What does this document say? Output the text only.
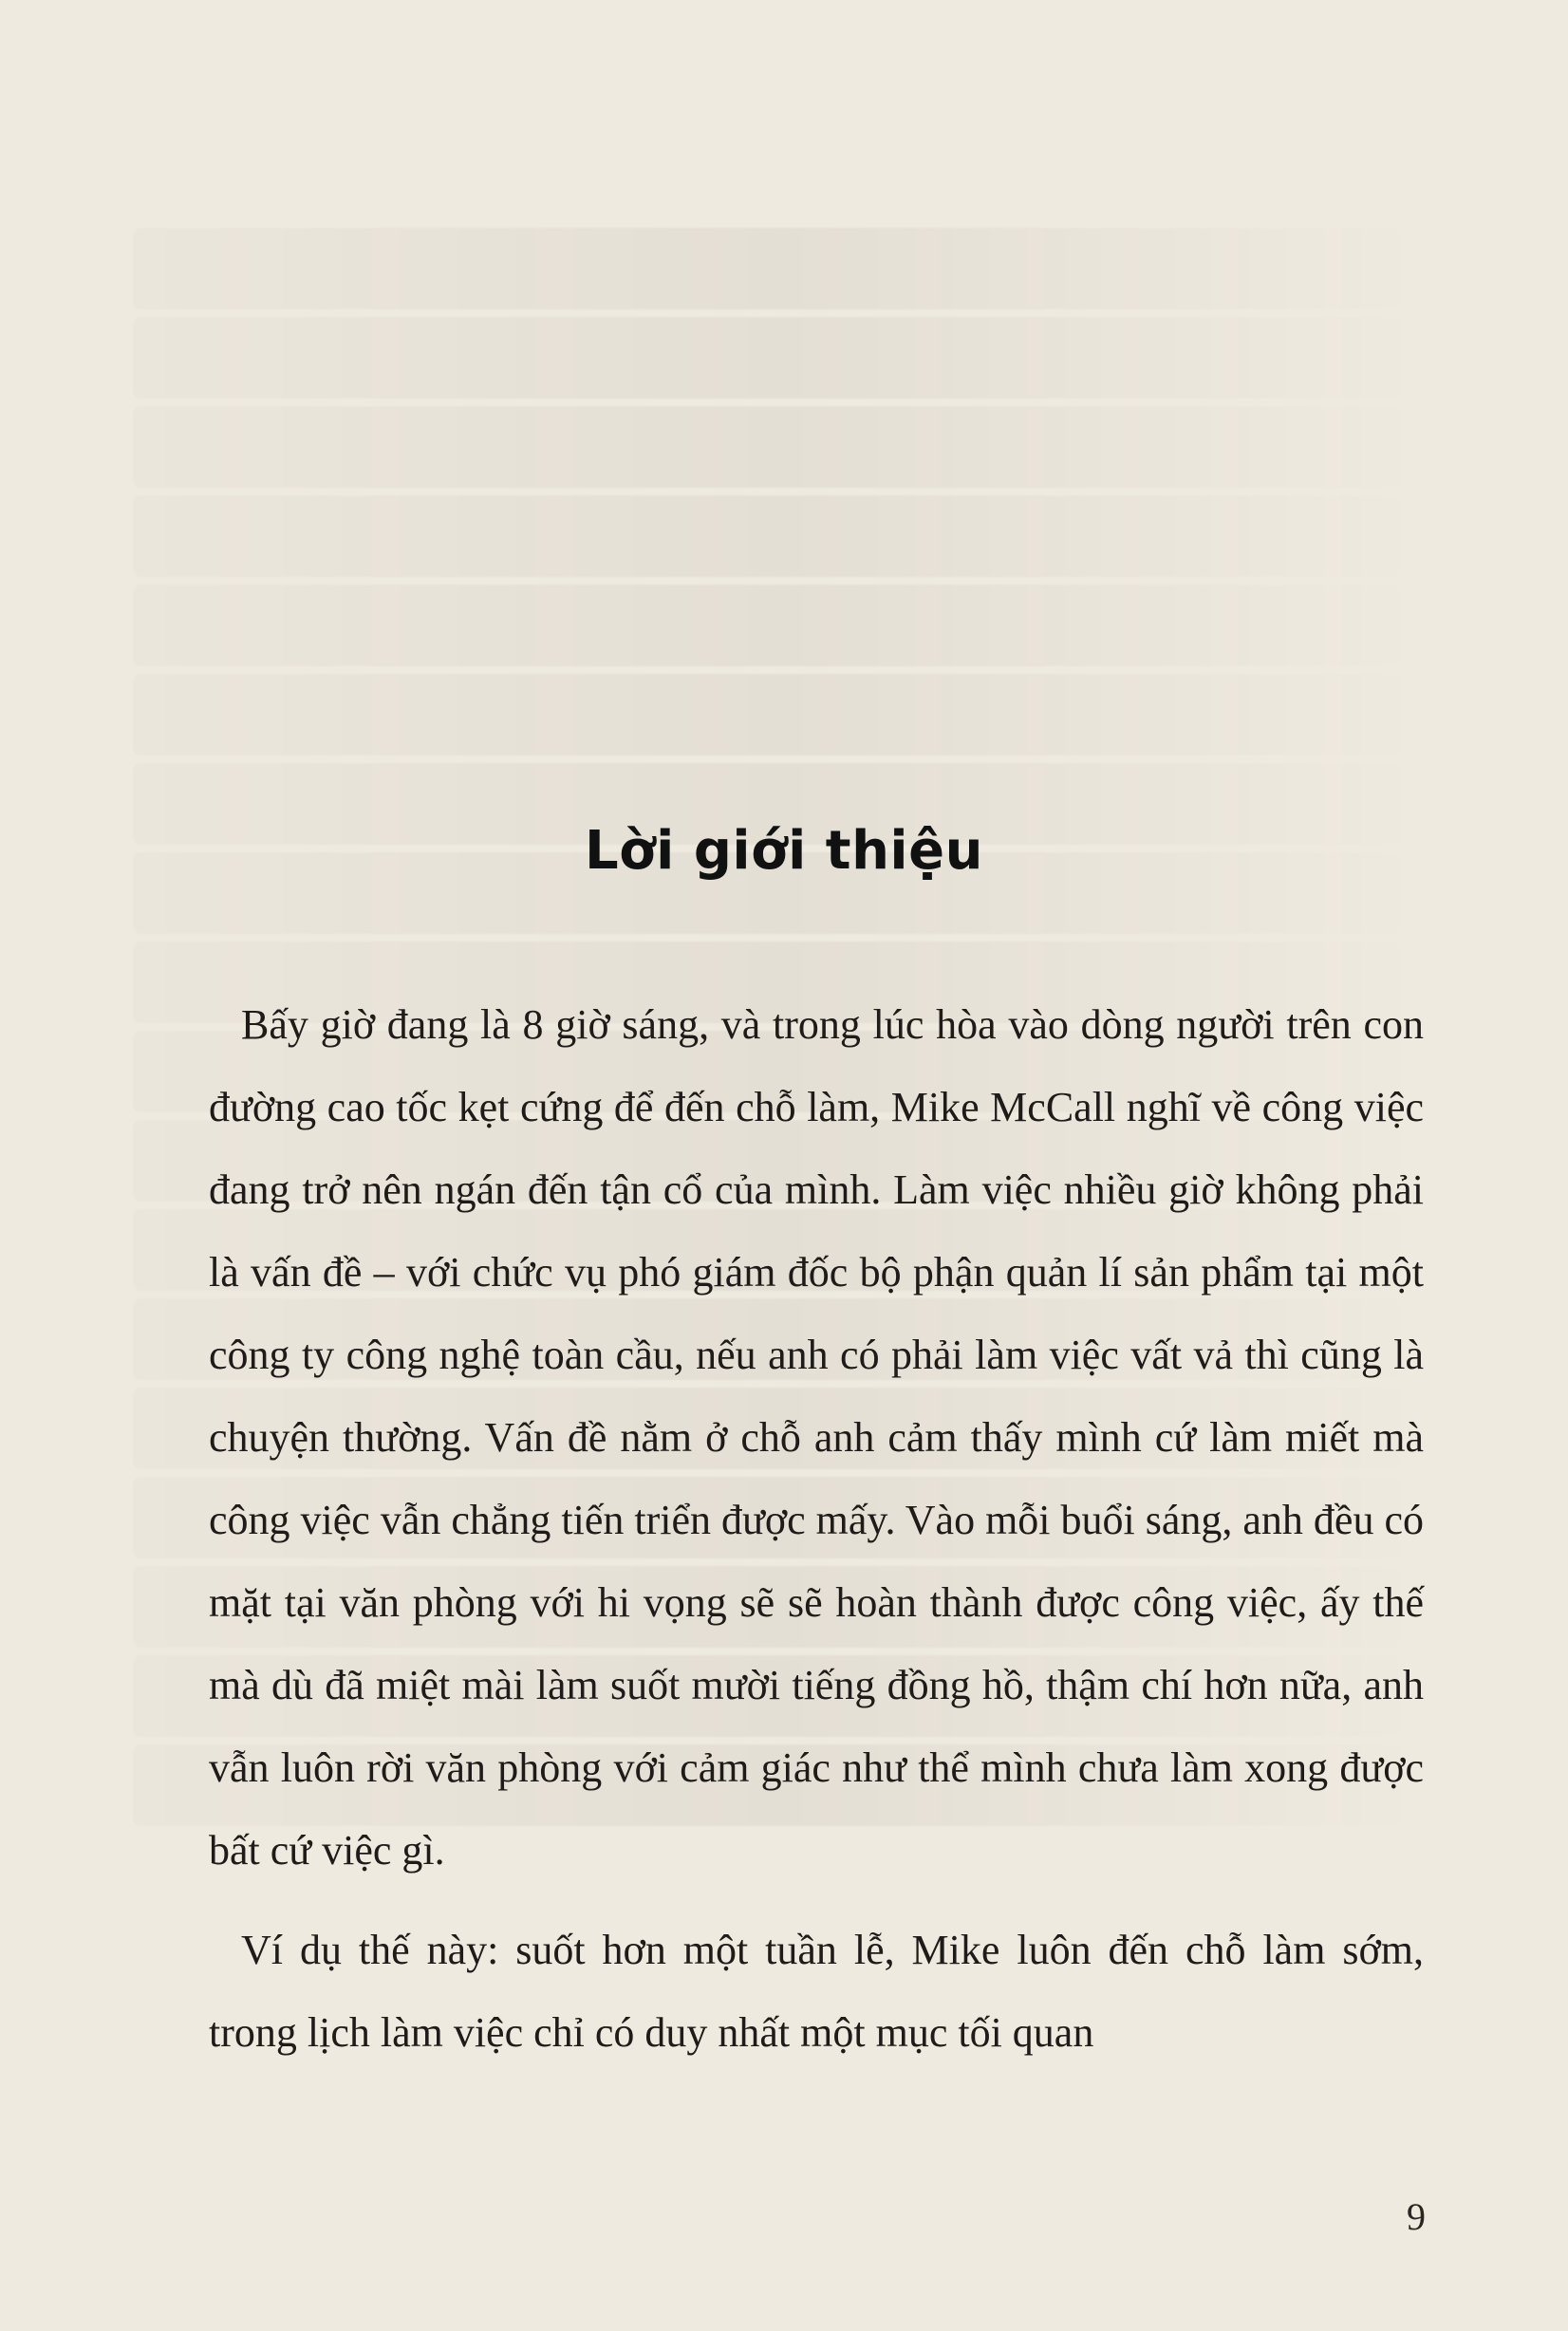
Lời giới thiệu

Bấy giờ đang là 8 giờ sáng, và trong lúc hòa vào dòng người trên con đường cao tốc kẹt cứng để đến chỗ làm, Mike McCall nghĩ về công việc đang trở nên ngán đến tận cổ của mình. Làm việc nhiều giờ không phải là vấn đề – với chức vụ phó giám đốc bộ phận quản lí sản phẩm tại một công ty công nghệ toàn cầu, nếu anh có phải làm việc vất vả thì cũng là chuyện thường. Vấn đề nằm ở chỗ anh cảm thấy mình cứ làm miết mà công việc vẫn chẳng tiến triển được mấy. Vào mỗi buổi sáng, anh đều có mặt tại văn phòng với hi vọng sẽ sẽ hoàn thành được công việc, ấy thế mà dù đã miệt mài làm suốt mười tiếng đồng hồ, thậm chí hơn nữa, anh vẫn luôn rời văn phòng với cảm giác như thể mình chưa làm xong được bất cứ việc gì.

Ví dụ thế này: suốt hơn một tuần lễ, Mike luôn đến chỗ làm sớm, trong lịch làm việc chỉ có duy nhất một mục tối quan

9
